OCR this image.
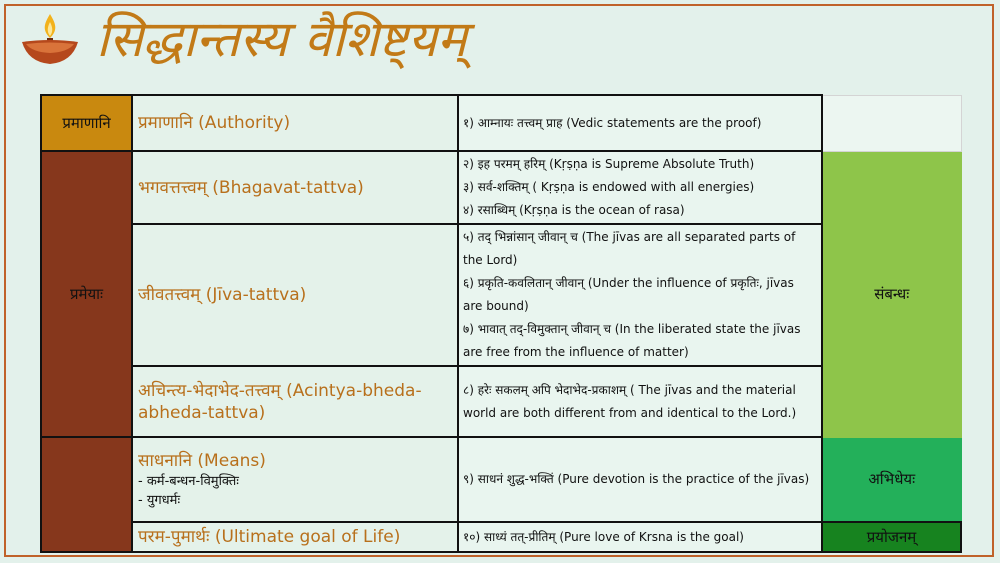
सिद्धान्तस्य वैशिष्ट्यम्
प्रमाणानि	प्रमाणानि (Authority)	१) आम्नायः तत्त्वम् प्राह (Vedic statements are the proof)	

प्रमेयाः	भगवत्तत्त्वम् (Bhagavat-tattva)	२) इह परमम् हरिम् (Kṛṣṇa is Supreme Absolute Truth)
३) सर्व-शक्तिम् ( Kṛṣṇa is endowed with all energies)
४) रसाब्धिम् (Kṛṣṇa is the ocean of rasa)	संबन्धः
	जीवतत्त्वम् (Jīva-tattva)	५) तद् भिन्नांसान् जीवान् च (The jīvas are all separated parts of the Lord)
६) प्रकृति-कवलितान् जीवान् (Under the influence of प्रकृतिः, jīvas are bound)
७) भावात् तद्-विमुक्तान् जीवान् च (In the liberated state the jīvas are free from the influence of matter)	

	अचिन्त्य-भेदाभेद-तत्त्वम् (Acintya-bheda-abheda-tattva)	८) हरेः सकलम् अपि भेदाभेद-प्रकाशम् ( The jīvas and the material world are both different from and identical to the Lord.)	

	साधनानि (Means)
- कर्म-बन्धन-विमुक्तिः
- युगधर्मः	९) साधनं शुद्ध-भक्तिं (Pure devotion is the practice of the jīvas)	अभिधेयः
	परम-पुमार्थः (Ultimate goal of Life)	१०) साध्यं तत्-प्रीतिम् (Pure love of Krsna is the goal)	प्रयोजनम्
